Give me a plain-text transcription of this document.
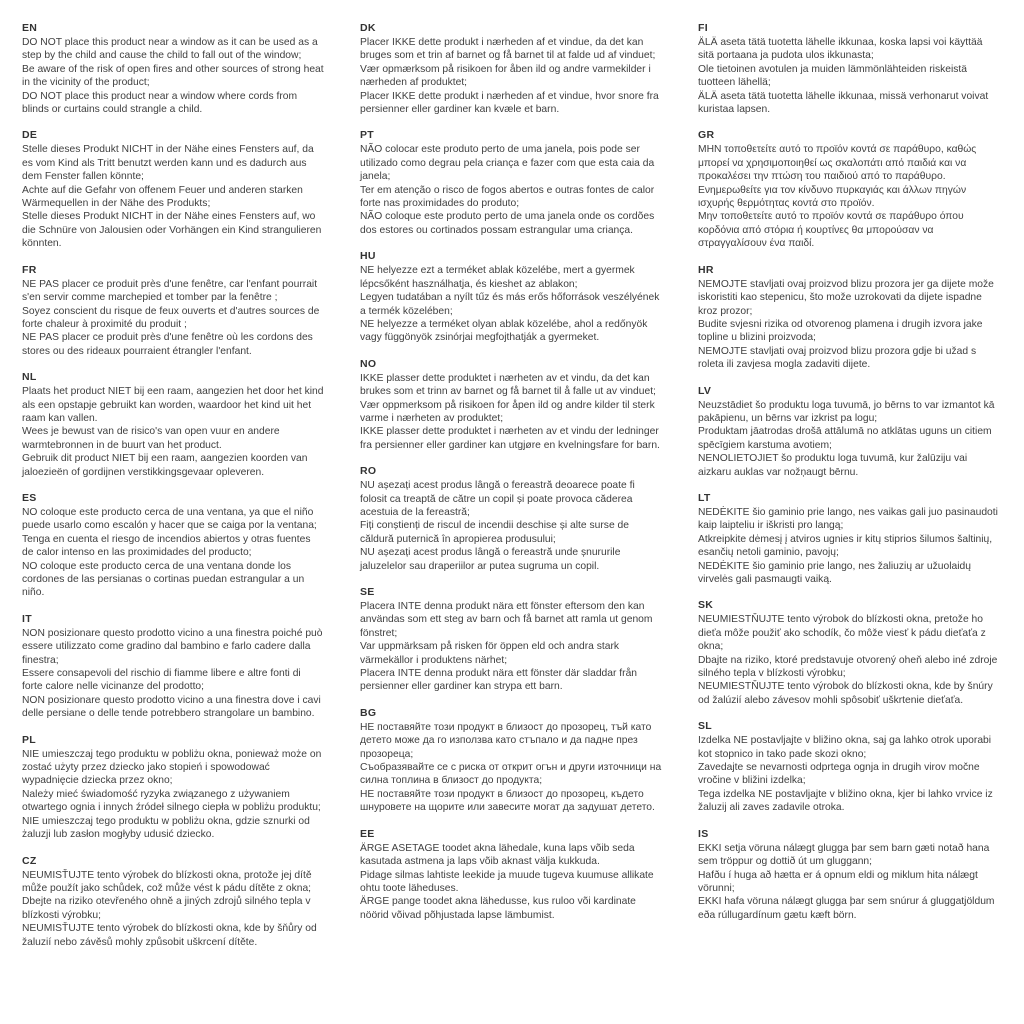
EN

DO NOT place this product near a window as it can be used as a step by the child and cause the child to fall out of the window;

Be aware of the risk of open fires and other sources of strong heat in the vicinity of the product;

DO NOT place this product near a window where cords from blinds or curtains could strangle a child.

DE

Stelle dieses Produkt NICHT in der Nähe eines Fensters auf, da es vom Kind als Tritt benutzt werden kann und es dadurch aus dem Fenster fallen könnte;

Achte auf die Gefahr von offenem Feuer und anderen starken Wärmequellen in der Nähe des Produkts;

Stelle dieses Produkt NICHT in der Nähe eines Fensters auf, wo die Schnüre von Jalousien oder Vorhängen ein Kind strangulieren könnten.

FR

NE PAS placer ce produit près d'une fenêtre, car l'enfant pourrait s'en servir comme marchepied et tomber par la fenêtre ;

Soyez conscient du risque de feux ouverts et d'autres sources de forte chaleur à proximité du produit ;

NE PAS placer ce produit près d'une fenêtre où les cordons des stores ou des rideaux pourraient étrangler l'enfant.

NL

Plaats het product NIET bij een raam, aangezien het door het kind als een opstapje gebruikt kan worden, waardoor het kind uit het raam kan vallen.

Wees je bewust van de risico's van open vuur en andere warmtebronnen in de buurt van het product.

Gebruik dit product NIET bij een raam, aangezien koorden van jaloezieën of gordijnen verstikkingsgevaar opleveren.

ES

NO coloque este producto cerca de una ventana, ya que el niño puede usarlo como escalón y hacer que se caiga por la ventana;

Tenga en cuenta el riesgo de incendios abiertos y otras fuentes de calor intenso en las proximidades del producto;

NO coloque este producto cerca de una ventana donde los cordones de las persianas o cortinas puedan estrangular a un niño.

IT

NON posizionare questo prodotto vicino a una finestra poiché può essere utilizzato come gradino dal bambino e farlo cadere dalla finestra;

Essere consapevoli del rischio di fiamme libere e altre fonti di forte calore nelle vicinanze del prodotto;

NON posizionare questo prodotto vicino a una finestra dove i cavi delle persiane o delle tende potrebbero strangolare un bambino.

PL

NIE umieszczaj tego produktu w pobliżu okna, ponieważ może on zostać użyty przez dziecko jako stopień i spowodować wypadnięcie dziecka przez okno;

Należy mieć świadomość ryzyka związanego z używaniem otwartego ognia i innych źródeł silnego ciepła w pobliżu produktu;

NIE umieszczaj tego produktu w pobliżu okna, gdzie sznurki od żaluzji lub zasłon mogłyby udusić dziecko.

CZ

NEUMISŤUJTE tento výrobek do blízkosti okna, protože jej dítě může použít jako schůdek, což může vést k pádu dítěte z okna;

Dbejte na riziko otevřeného ohně a jiných zdrojů silného tepla v blízkosti výrobku;

NEUMISŤUJTE tento výrobek do blízkosti okna, kde by šňůry od žaluzií nebo závěsů mohly způsobit uškrcení dítěte.

DK

Placer IKKE dette produkt i nærheden af et vindue, da det kan bruges som et trin af barnet og få barnet til at falde ud af vinduet;

Vær opmærksom på risikoen for åben ild og andre varmekilder i nærheden af produktet;

Placer IKKE dette produkt i nærheden af et vindue, hvor snore fra persienner eller gardiner kan kvæle et barn.

PT

NÃO colocar este produto perto de uma janela, pois pode ser utilizado como degrau pela criança e fazer com que esta caia da janela;

Ter em atenção o risco de fogos abertos e outras fontes de calor forte nas proximidades do produto;

NÃO coloque este produto perto de uma janela onde os cordões dos estores ou cortinados possam estrangular uma criança.

HU

NE helyezze ezt a terméket ablak közelébe, mert a gyermek lépcsőként használhatja, és kieshet az ablakon;

Legyen tudatában a nyílt tűz és más erős hőforrások veszélyének a termék közelében;

NE helyezze a terméket olyan ablak közelébe, ahol a redőnyök vagy függönyök zsinórjai megfojthatják a gyermeket.

NO

IKKE plasser dette produktet i nærheten av et vindu, da det kan brukes som et trinn av barnet og få barnet til å falle ut av vinduet;

Vær oppmerksom på risikoen for åpen ild og andre kilder til sterk varme i nærheten av produktet;

IKKE plasser dette produktet i nærheten av et vindu der ledninger fra persienner eller gardiner kan utgjøre en kvelningsfare for barn.

RO

NU așezați acest produs lângă o fereastră deoarece poate fi folosit ca treaptă de către un copil și poate provoca căderea acestuia de la fereastră;

Fiți conștienți de riscul de incendii deschise și alte surse de căldură puternică în apropierea produsului;

NU așezați acest produs lângă o fereastră unde șnururile jaluzelelor sau draperiilor ar putea sugruma un copil.

SE

Placera INTE denna produkt nära ett fönster eftersom den kan användas som ett steg av barn och få barnet att ramla ut genom fönstret;

Var uppmärksam på risken för öppen eld och andra stark värmekällor i produktens närhet;

Placera INTE denna produkt nära ett fönster där sladdar från persienner eller gardiner kan strypa ett barn.

BG

НЕ поставяйте този продукт в близост до прозорец, тъй като детето може да го използва като стъпало и да падне през прозореца;

Съобразявайте се с риска от открит огън и други източници на силна топлина в близост до продукта;

НЕ поставяйте този продукт в близост до прозорец, където шнуровете на щорите или завесите могат да задушат детето.

EE

ÄRGE ASETAGE toodet akna lähedale, kuna laps võib seda kasutada astmena ja laps võib aknast välja kukkuda.

Pidage silmas lahtiste leekide ja muude tugeva kuumuse allikate ohtu toote läheduses.

ÄRGE pange toodet akna lähedusse, kus ruloo või kardinate nöörid võivad põhjustada lapse lämbumist.

FI

ÄLÄ aseta tätä tuotetta lähelle ikkunaa, koska lapsi voi käyttää sitä portaana ja pudota ulos ikkunasta;

Ole tietoinen avotulen ja muiden lämmönlähteiden riskeistä tuotteen lähellä;

ÄLÄ aseta tätä tuotetta lähelle ikkunaa, missä verhonarut voivat kuristaa lapsen.

GR

ΜΗΝ τοποθετείτε αυτό το προϊόν κοντά σε παράθυρο, καθώς μπορεί να χρησιμοποιηθεί ως σκαλοπάτι από παιδιά και να προκαλέσει την πτώση του παιδιού από το παράθυρο.

Ενημερωθείτε για τον κίνδυνο πυρκαγιάς και άλλων πηγών ισχυρής θερμότητας κοντά στο προϊόν.

Μην τοποθετείτε αυτό το προϊόν κοντά σε παράθυρο όπου κορδόνια από στόρια ή κουρτίνες θα μπορούσαν να στραγγαλίσουν ένα παιδί.

HR

NEMOJTE stavljati ovaj proizvod blizu prozora jer ga dijete može iskoristiti kao stepenicu, što može uzrokovati da dijete ispadne kroz prozor;

Budite svjesni rizika od otvorenog plamena i drugih izvora jake topline u blizini proizvoda;

NEMOJTE stavljati ovaj proizvod blizu prozora gdje bi užad s roleta ili zavjesa mogla zadaviti dijete.

LV

Neuzstādiet šo produktu loga tuvumā, jo bērns to var izmantot kā pakāpienu, un bērns var izkrist pa logu;

Produktam jāatrodas drošā attālumā no atklātas uguns un citiem spēcīgiem karstuma avotiem;

NENOLIETOJIET šo produktu loga tuvumā, kur žalūziju vai aizkaru auklas var nožņaugt bērnu.

LT

NEDĖKITE šio gaminio prie lango, nes vaikas gali juo pasinaudoti kaip laipteliu ir iškristi pro langą;

Atkreipkite dėmesį į atviros ugnies ir kitų stiprios šilumos šaltinių, esančių netoli gaminio, pavojų;

NEDĖKITE šio gaminio prie lango, nes žaliuzių ar užuolaidų virvelės gali pasmaugti vaiką.

SK

NEUMIESTŇUJTE tento výrobok do blízkosti okna, pretože ho dieťa môže použiť ako schodík, čo môže viesť k pádu dieťaťa z okna;

Dbajte na riziko, ktoré predstavuje otvorený oheň alebo iné zdroje silného tepla v blízkosti výrobku;

NEUMIESTŇUJTE tento výrobok do blízkosti okna, kde by šnúry od žalúzií alebo závesov mohli spôsobiť uškrtenie dieťaťa.

SL

Izdelka NE postavljajte v bližino okna, saj ga lahko otrok uporabi kot stopnico in tako pade skozi okno;

Zavedajte se nevarnosti odprtega ognja in drugih virov močne vročine v bližini izdelka;

Tega izdelka NE postavljajte v bližino okna, kjer bi lahko vrvice iz žaluzij ali zaves zadavile otroka.

IS

EKKI setja vöruna nálægt glugga þar sem barn gæti notað hana sem tröppur og dottið út um gluggann;

Hafðu í huga að hætta er á opnum eldi og miklum hita nálægt vörunni;

EKKI hafa vöruna nálægt glugga þar sem snúrur á gluggatjöldum eða rúllugardínum gætu kæft börn.
